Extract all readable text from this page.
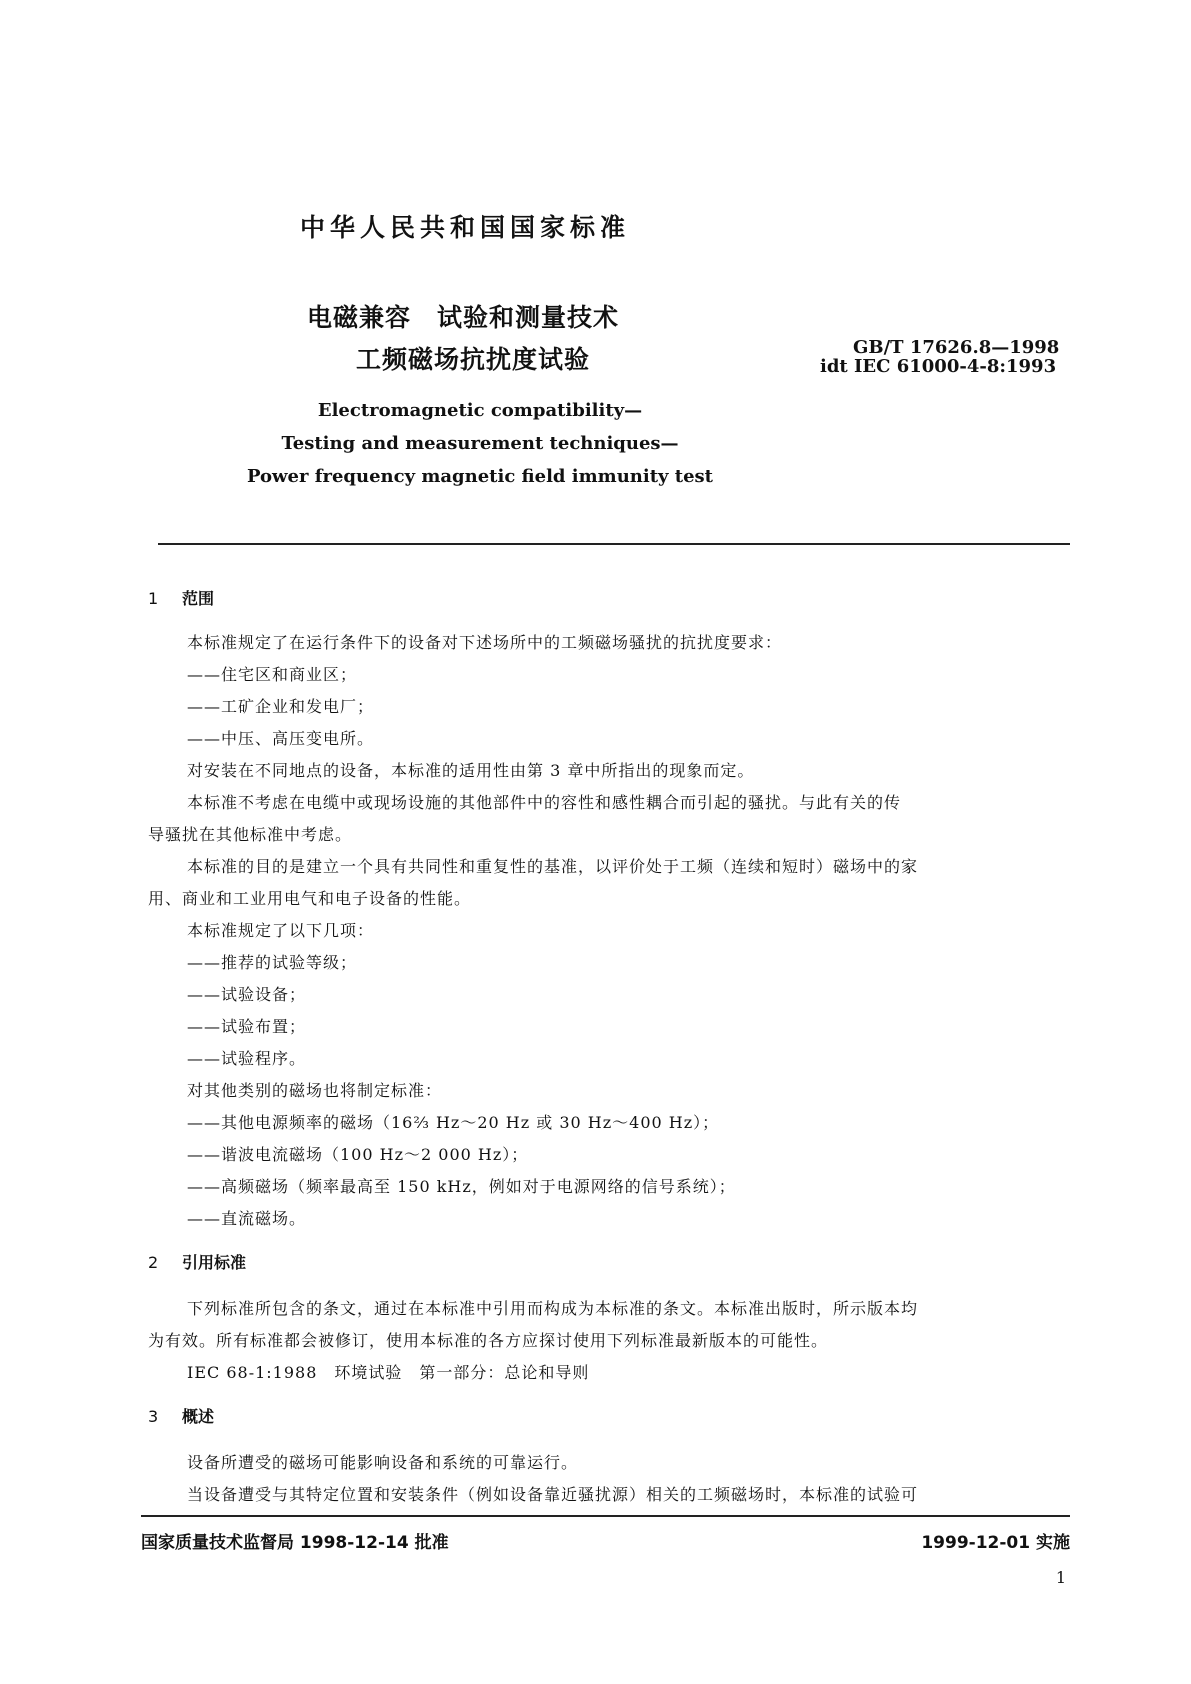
中华人民共和国国家标准
电磁兼容　试验和测量技术
工频磁场抗扰度试验	GB/T 17626.8—1998
idt IEC 61000-4-8:1993
Electromagnetic compatibility—
Testing and measurement techniques—
Power frequency magnetic field immunity test
1 范围
本标准规定了在运行条件下的设备对下述场所中的工频磁场骚扰的抗扰度要求：
——住宅区和商业区；
——工矿企业和发电厂；
——中压、高压变电所。
对安装在不同地点的设备，本标准的适用性由第 3 章中所指出的现象而定。
本标准不考虑在电缆中或现场设施的其他部件中的容性和感性耦合而引起的骚扰。与此有关的传
导骚扰在其他标准中考虑。
本标准的目的是建立一个具有共同性和重复性的基准，以评价处于工频（连续和短时）磁场中的家
用、商业和工业用电气和电子设备的性能。
本标准规定了以下几项：
——推荐的试验等级；
——试验设备；
——试验布置；
——试验程序。
对其他类别的磁场也将制定标准：
——其他电源频率的磁场（16⅔ Hz～20 Hz 或 30 Hz～400 Hz）；
——谐波电流磁场（100 Hz～2 000 Hz）；
——高频磁场（频率最高至 150 kHz，例如对于电源网络的信号系统）；
——直流磁场。
2 引用标准
下列标准所包含的条文，通过在本标准中引用而构成为本标准的条文。本标准出版时，所示版本均
为有效。所有标准都会被修订，使用本标准的各方应探讨使用下列标准最新版本的可能性。
IEC 68-1:1988　环境试验　第一部分：总论和导则
3 概述
设备所遭受的磁场可能影响设备和系统的可靠运行。
当设备遭受与其特定位置和安装条件（例如设备靠近骚扰源）相关的工频磁场时，本标准的试验可
国家质量技术监督局 1998-12-14 批准	1999-12-01 实施
1
